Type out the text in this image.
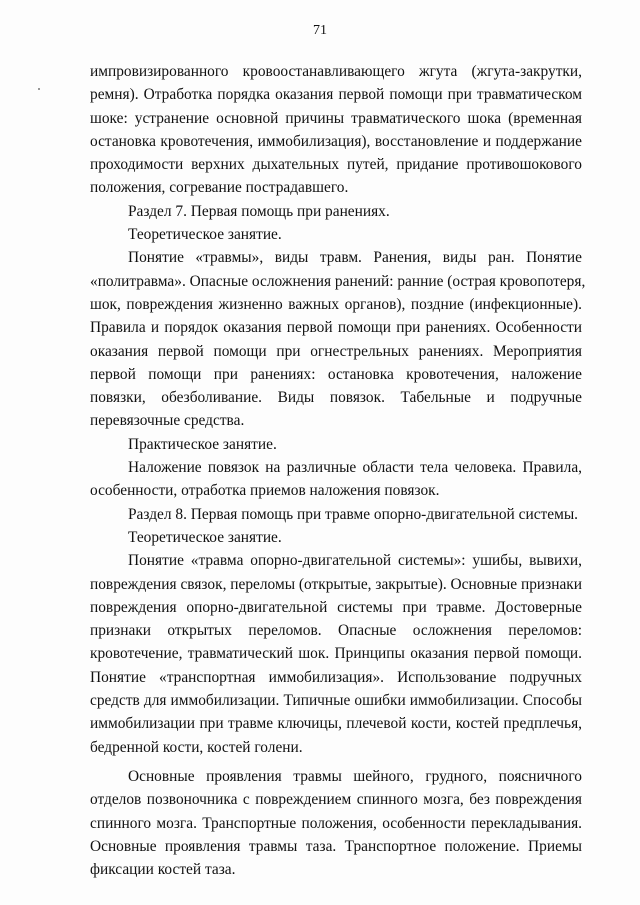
71
импровизированного кровоостанавливающего жгута (жгута-закрутки,
ремня). Отработка порядка оказания первой помощи при травматическом
шоке: устранение основной причины травматического шока (временная
остановка кровотечения, иммобилизация), восстановление и поддержание
проходимости верхних дыхательных путей, придание противошокового
положения, согревание пострадавшего.
Раздел 7. Первая помощь при ранениях.
Теоретическое занятие.
Понятие «травмы», виды травм. Ранения, виды ран. Понятие
«политравма». Опасные осложнения ранений: ранние (острая кровопотеря,
шок, повреждения жизненно важных органов), поздние (инфекционные).
Правила и порядок оказания первой помощи при ранениях. Особенности
оказания первой помощи при огнестрельных ранениях. Мероприятия
первой помощи при ранениях: остановка кровотечения, наложение
повязки, обезболивание. Виды повязок. Табельные и подручные
перевязочные средства.
Практическое занятие.
Наложение повязок на различные области тела человека. Правила,
особенности, отработка приемов наложения повязок.
Раздел 8. Первая помощь при травме опорно-двигательной системы.
Теоретическое занятие.
Понятие «травма опорно-двигательной системы»: ушибы, вывихи,
повреждения связок, переломы (открытые, закрытые). Основные признаки
повреждения опорно-двигательной системы при травме. Достоверные
признаки открытых переломов. Опасные осложнения переломов:
кровотечение, травматический шок. Принципы оказания первой помощи.
Понятие «транспортная иммобилизация». Использование подручных
средств для иммобилизации. Типичные ошибки иммобилизации. Способы
иммобилизации при травме ключицы, плечевой кости, костей предплечья,
бедренной кости, костей голени.
Основные проявления травмы шейного, грудного, поясничного
отделов позвоночника с повреждением спинного мозга, без повреждения
спинного мозга. Транспортные положения, особенности перекладывания.
Основные проявления травмы таза. Транспортное положение. Приемы
фиксации костей таза.
